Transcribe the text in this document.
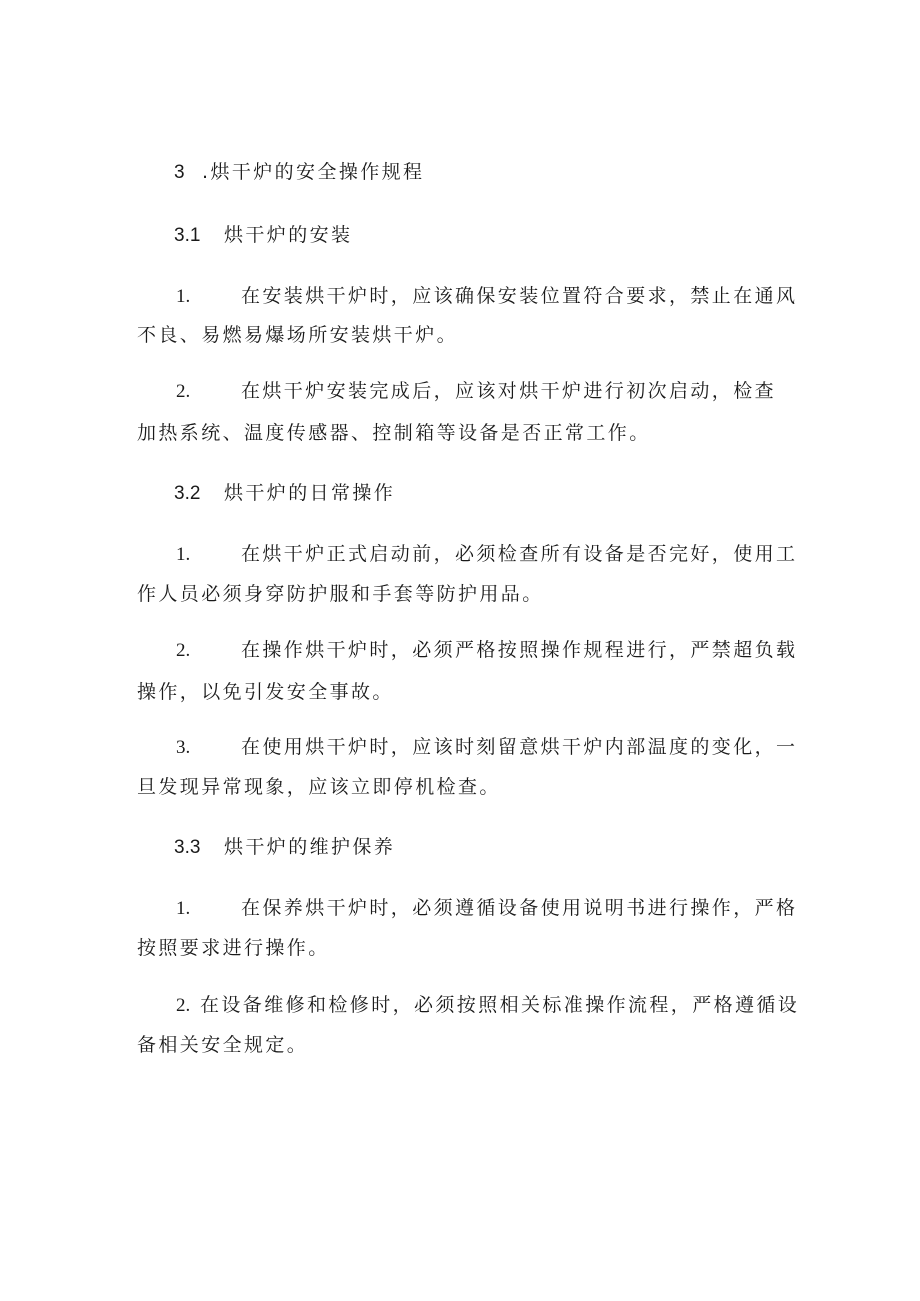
3 .烘干炉的安全操作规程

3.1 烘干炉的安装

1.	在安装烘干炉时，应该确保安装位置符合要求，禁止在通风

不良、易燃易爆场所安装烘干炉。

2.	在烘干炉安装完成后，应该对烘干炉进行初次启动，检查

加热系统、温度传感器、控制箱等设备是否正常工作。

3.2 烘干炉的日常操作

1.	在烘干炉正式启动前，必须检查所有设备是否完好，使用工

作人员必须身穿防护服和手套等防护用品。

2.	在操作烘干炉时，必须严格按照操作规程进行，严禁超负载

操作，以免引发安全事故。

3.	在使用烘干炉时，应该时刻留意烘干炉内部温度的变化，一

旦发现异常现象，应该立即停机检查。

3.3 烘干炉的维护保养

1.	在保养烘干炉时，必须遵循设备使用说明书进行操作，严格

按照要求进行操作。

2. 在设备维修和检修时，必须按照相关标准操作流程，严格遵循设

备相关安全规定。
